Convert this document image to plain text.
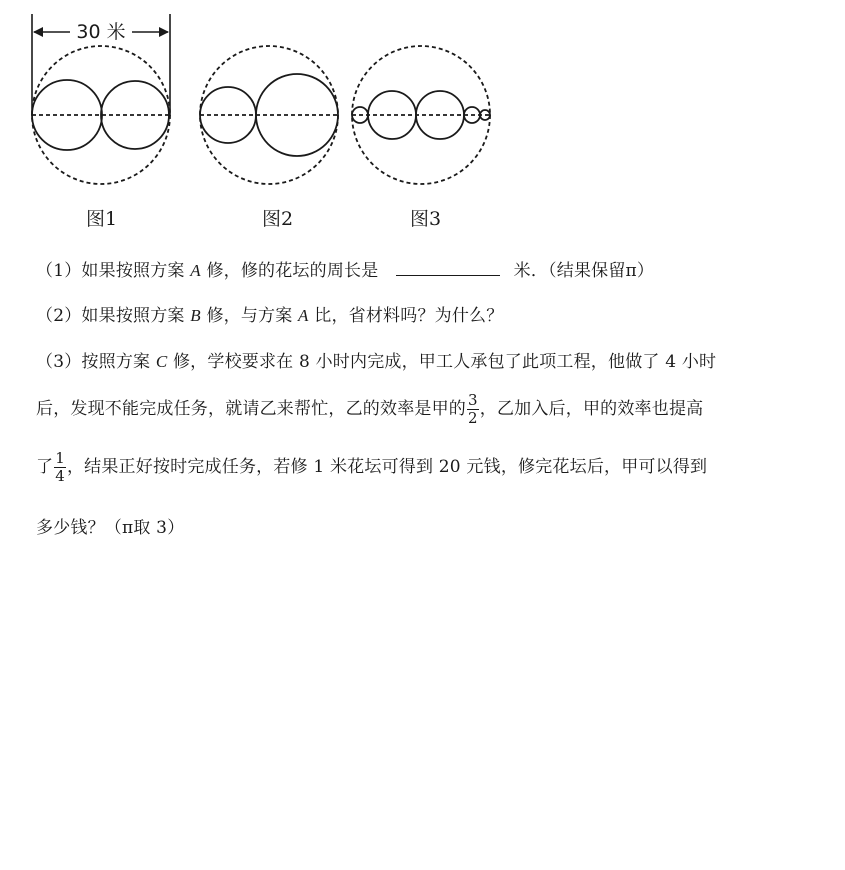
30 米
图1	图2	图3
（1）如果按照方案 A 修，修的花坛的周长是	米．（结果保留π）
（2）如果按照方案 B 修，与方案 A 比，省材料吗？为什么？
（3）按照方案 C 修，学校要求在 8 小时内完成，甲工人承包了此项工程，他做了 4 小时
后，发现不能完成任务，就请乙来帮忙，乙的效率是甲的 $\frac{3}{2}$ ，乙加入后，甲的效率也提高
了 $\frac{1}{4}$ ，结果正好按时完成任务，若修 1 米花坛可得到 20 元钱，修完花坛后，甲可以得到
多少钱？（π取 3）
